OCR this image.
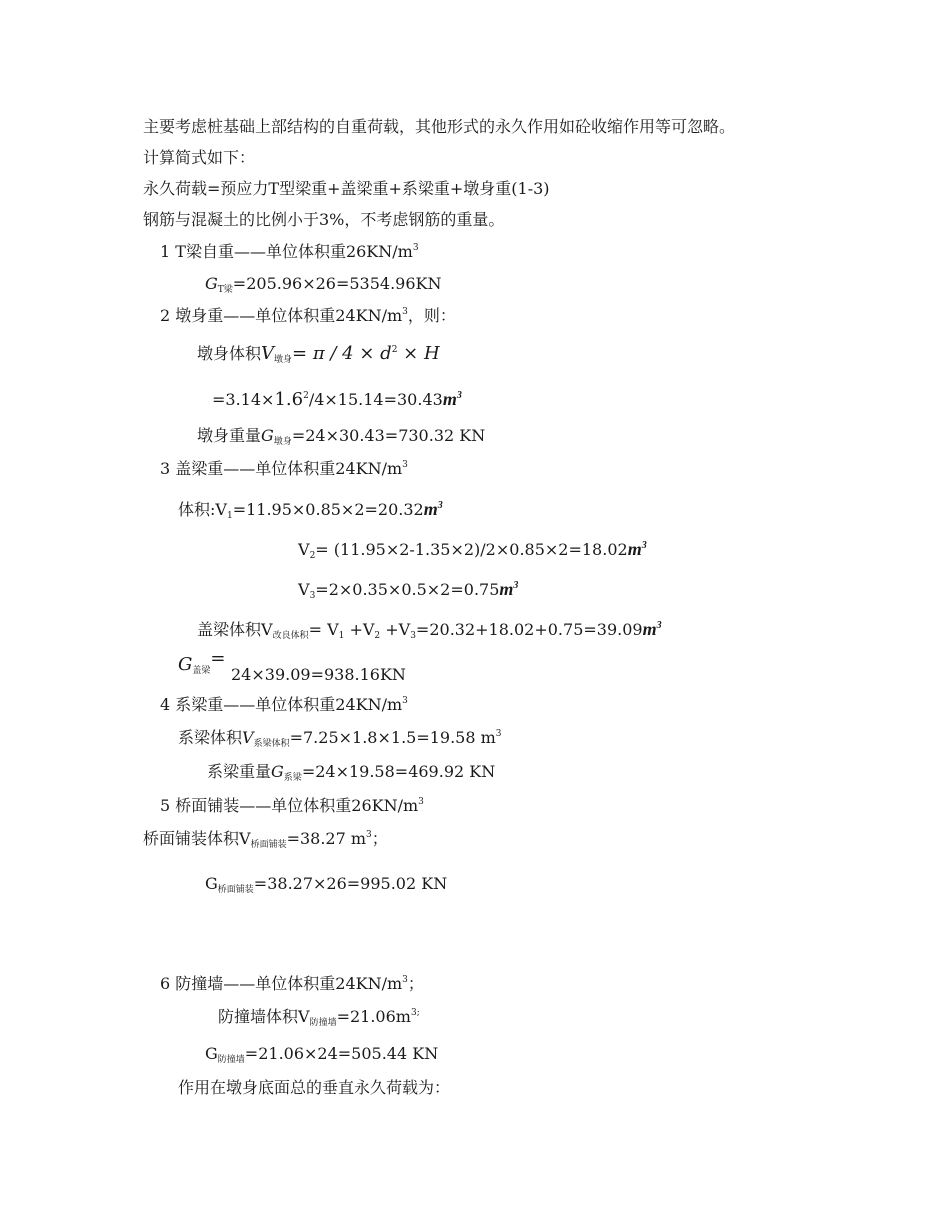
主要考虑桩基础上部结构的自重荷载，其他形式的永久作用如砼收缩作用等可忽略。
计算简式如下：
永久荷载=预应力T型梁重+盖梁重+系梁重+墩身重(1-3)
钢筋与混凝土的比例小于3%，不考虑钢筋的重量。
1 T梁自重——单位体积重$26KN/m^3$
GT梁=205.96×26=5354.96KN
2 墩身重——单位体积重$24KN/m^3$，则：
墩身体积V墩身= $\pi / 4 \times d^2 \times H$
$=3.14\times 1.6^2/4\times 15.14=30.43m^3$
墩身重量G墩身=24×30.43=730.32 KN
3 盖梁重——单位体积重$24KN/m^3$
体积$:V1=11.95\times 0.85\times 2=20.32m^3$
$V2= (11.95\times 2-1.35\times 2)/2\times 0.85\times 2=18.02m^3$
$V3=2\times 0.35\times 0.5\times 2=0.75m^3$
盖梁体积V改良体积= $V1 +V2 +V3=20.32+18.02+0.75=39.09m^3$
G盖梁=
24×39.09=938.16KN
4 系梁重——单位体积重$24KN/m^3$
系梁体积V系梁体积=7.25×1.8×1.5=19.58 $m^3$
系梁重量G系梁=24×19.58=469.92 KN
5 桥面铺装——单位体积重$26KN/m^3$
桥面铺装体积V桥面铺装=38.27 $m^3$；
G桥面铺装=38.27×26=995.02 KN
6 防撞墙——单位体积重$24KN/m^3$；
防撞墙体积V防撞墙$=21.06m^{3;}$
G防撞墙=21.06×24=505.44 KN
作用在墩身底面总的垂直永久荷载为：
